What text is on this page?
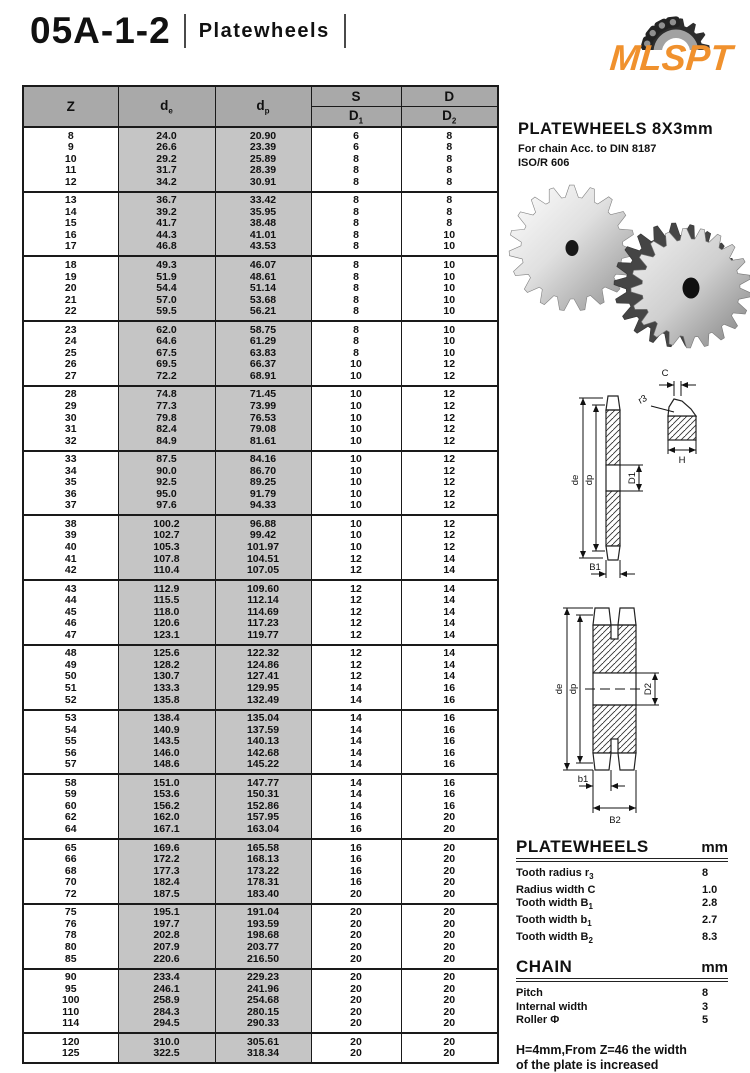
05A-1-2 Platewheels
MLSPT
Z	$d_e$	$d_p$	S	D
			$D_1$	$D_2$
8	24.0	20.90	6	8
9	26.6	23.39	6	8
10	29.2	25.89	8	8
11	31.7	28.39	8	8
12	34.2	30.91	8	8
13	36.7	33.42	8	8
14	39.2	35.95	8	8
15	41.7	38.48	8	8
16	44.3	41.01	8	10
17	46.8	43.53	8	10
18	49.3	46.07	8	10
19	51.9	48.61	8	10
20	54.4	51.14	8	10
21	57.0	53.68	8	10
22	59.5	56.21	8	10
23	62.0	58.75	8	10
24	64.6	61.29	8	10
25	67.5	63.83	8	10
26	69.5	66.37	10	12
27	72.2	68.91	10	12
28	74.8	71.45	10	12
29	77.3	73.99	10	12
30	79.8	76.53	10	12
31	82.4	79.08	10	12
32	84.9	81.61	10	12
33	87.5	84.16	10	12
34	90.0	86.70	10	12
35	92.5	89.25	10	12
36	95.0	91.79	10	12
37	97.6	94.33	10	12
38	100.2	96.88	10	12
39	102.7	99.42	10	12
40	105.3	101.97	10	12
41	107.8	104.51	12	14
42	110.4	107.05	12	14
43	112.9	109.60	12	14
44	115.5	112.14	12	14
45	118.0	114.69	12	14
46	120.6	117.23	12	14
47	123.1	119.77	12	14
48	125.6	122.32	12	14
49	128.2	124.86	12	14
50	130.7	127.41	12	14
51	133.3	129.95	14	16
52	135.8	132.49	14	16
53	138.4	135.04	14	16
54	140.9	137.59	14	16
55	143.5	140.13	14	16
56	146.0	142.68	14	16
57	148.6	145.22	14	16
58	151.0	147.77	14	16
59	153.6	150.31	14	16
60	156.2	152.86	14	16
62	162.0	157.95	16	20
64	167.1	163.04	16	20
65	169.6	165.58	16	20
66	172.2	168.13	16	20
68	177.3	173.22	16	20
70	182.4	178.31	16	20
72	187.5	183.40	20	20
75	195.1	191.04	20	20
76	197.7	193.59	20	20
78	202.8	198.68	20	20
80	207.9	203.77	20	20
85	220.6	216.50	20	20
90	233.4	229.23	20	20
95	246.1	241.96	20	20
100	258.9	254.68	20	20
110	284.3	280.15	20	20
114	294.5	290.33	20	20
120	310.0	305.61	20	20
125	322.5	318.34	20	20
PLATEWHEELS 8X3mm
For chain Acc. to DIN 8187
ISO/R 606
de dp	D1
B1
C
r3
H
de dp	D2
b1
B2
PLATEWHEELS	mm
Tooth radius $r_3$	8
Radius width C	1.0
Tooth width $B_1$	2.8
Tooth width $b_1$	2.7
Tooth width $B_2$	8.3
CHAIN	mm
Pitch	8
Internal width	3
Roller Φ	5
H=4mm,From Z=46 the width
of the plate is increased
